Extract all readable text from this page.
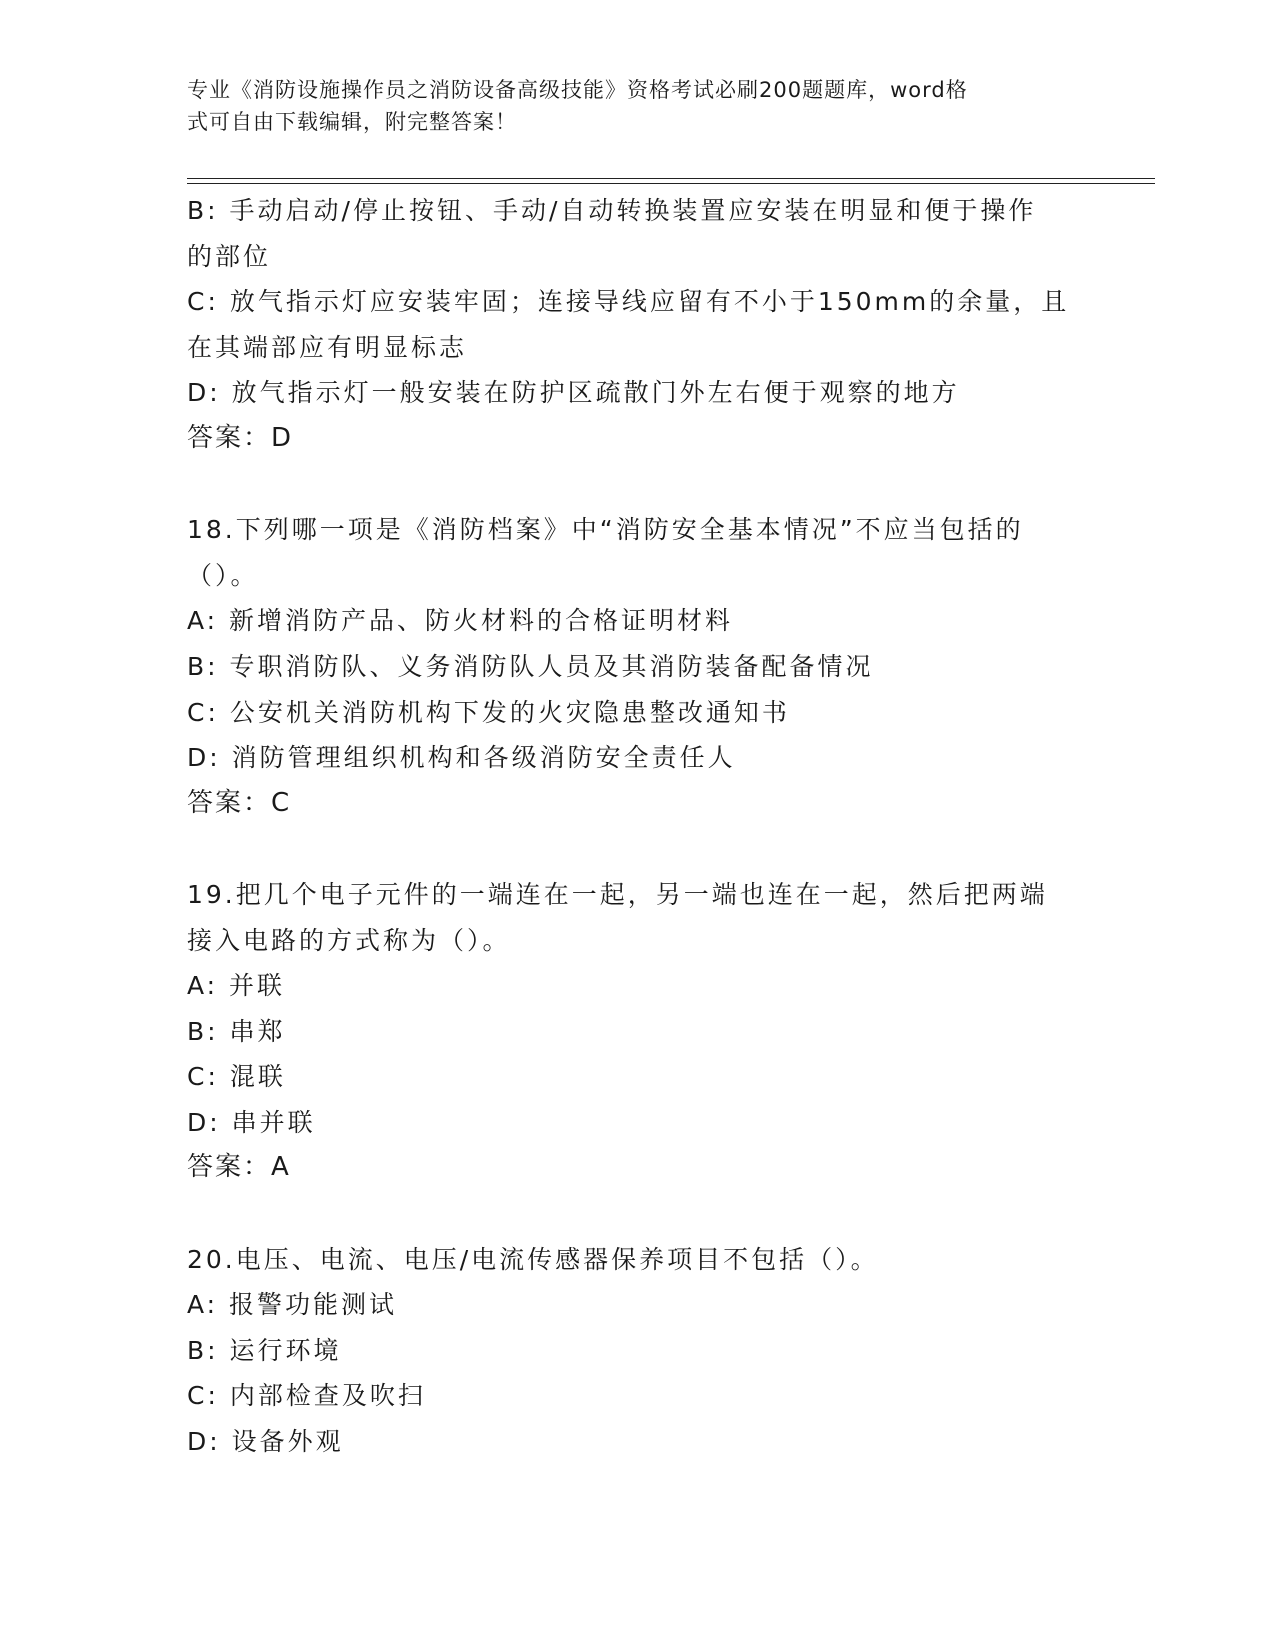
专业《消防设施操作员之消防设备高级技能》资格考试必刷200题题库，word格
式可自由下载编辑，附完整答案！
B: 手动启动/停止按钮、手动/自动转换装置应安装在明显和便于操作
的部位
C: 放气指示灯应安装牢固；连接导线应留有不小于150mm的余量，且
在其端部应有明显标志
D: 放气指示灯一般安装在防护区疏散门外左右便于观察的地方
答案：D
18.下列哪一项是《消防档案》中“消防安全基本情况”不应当包括的
（）。
A: 新增消防产品、防火材料的合格证明材料
B: 专职消防队、义务消防队人员及其消防装备配备情况
C: 公安机关消防机构下发的火灾隐患整改通知书
D: 消防管理组织机构和各级消防安全责任人
答案：C
19.把几个电子元件的一端连在一起，另一端也连在一起，然后把两端
接入电路的方式称为（）。
A: 并联
B: 串郑
C: 混联
D: 串并联
答案：A
20.电压、电流、电压/电流传感器保养项目不包括（）。
A: 报警功能测试
B: 运行环境
C: 内部检查及吹扫
D: 设备外观
